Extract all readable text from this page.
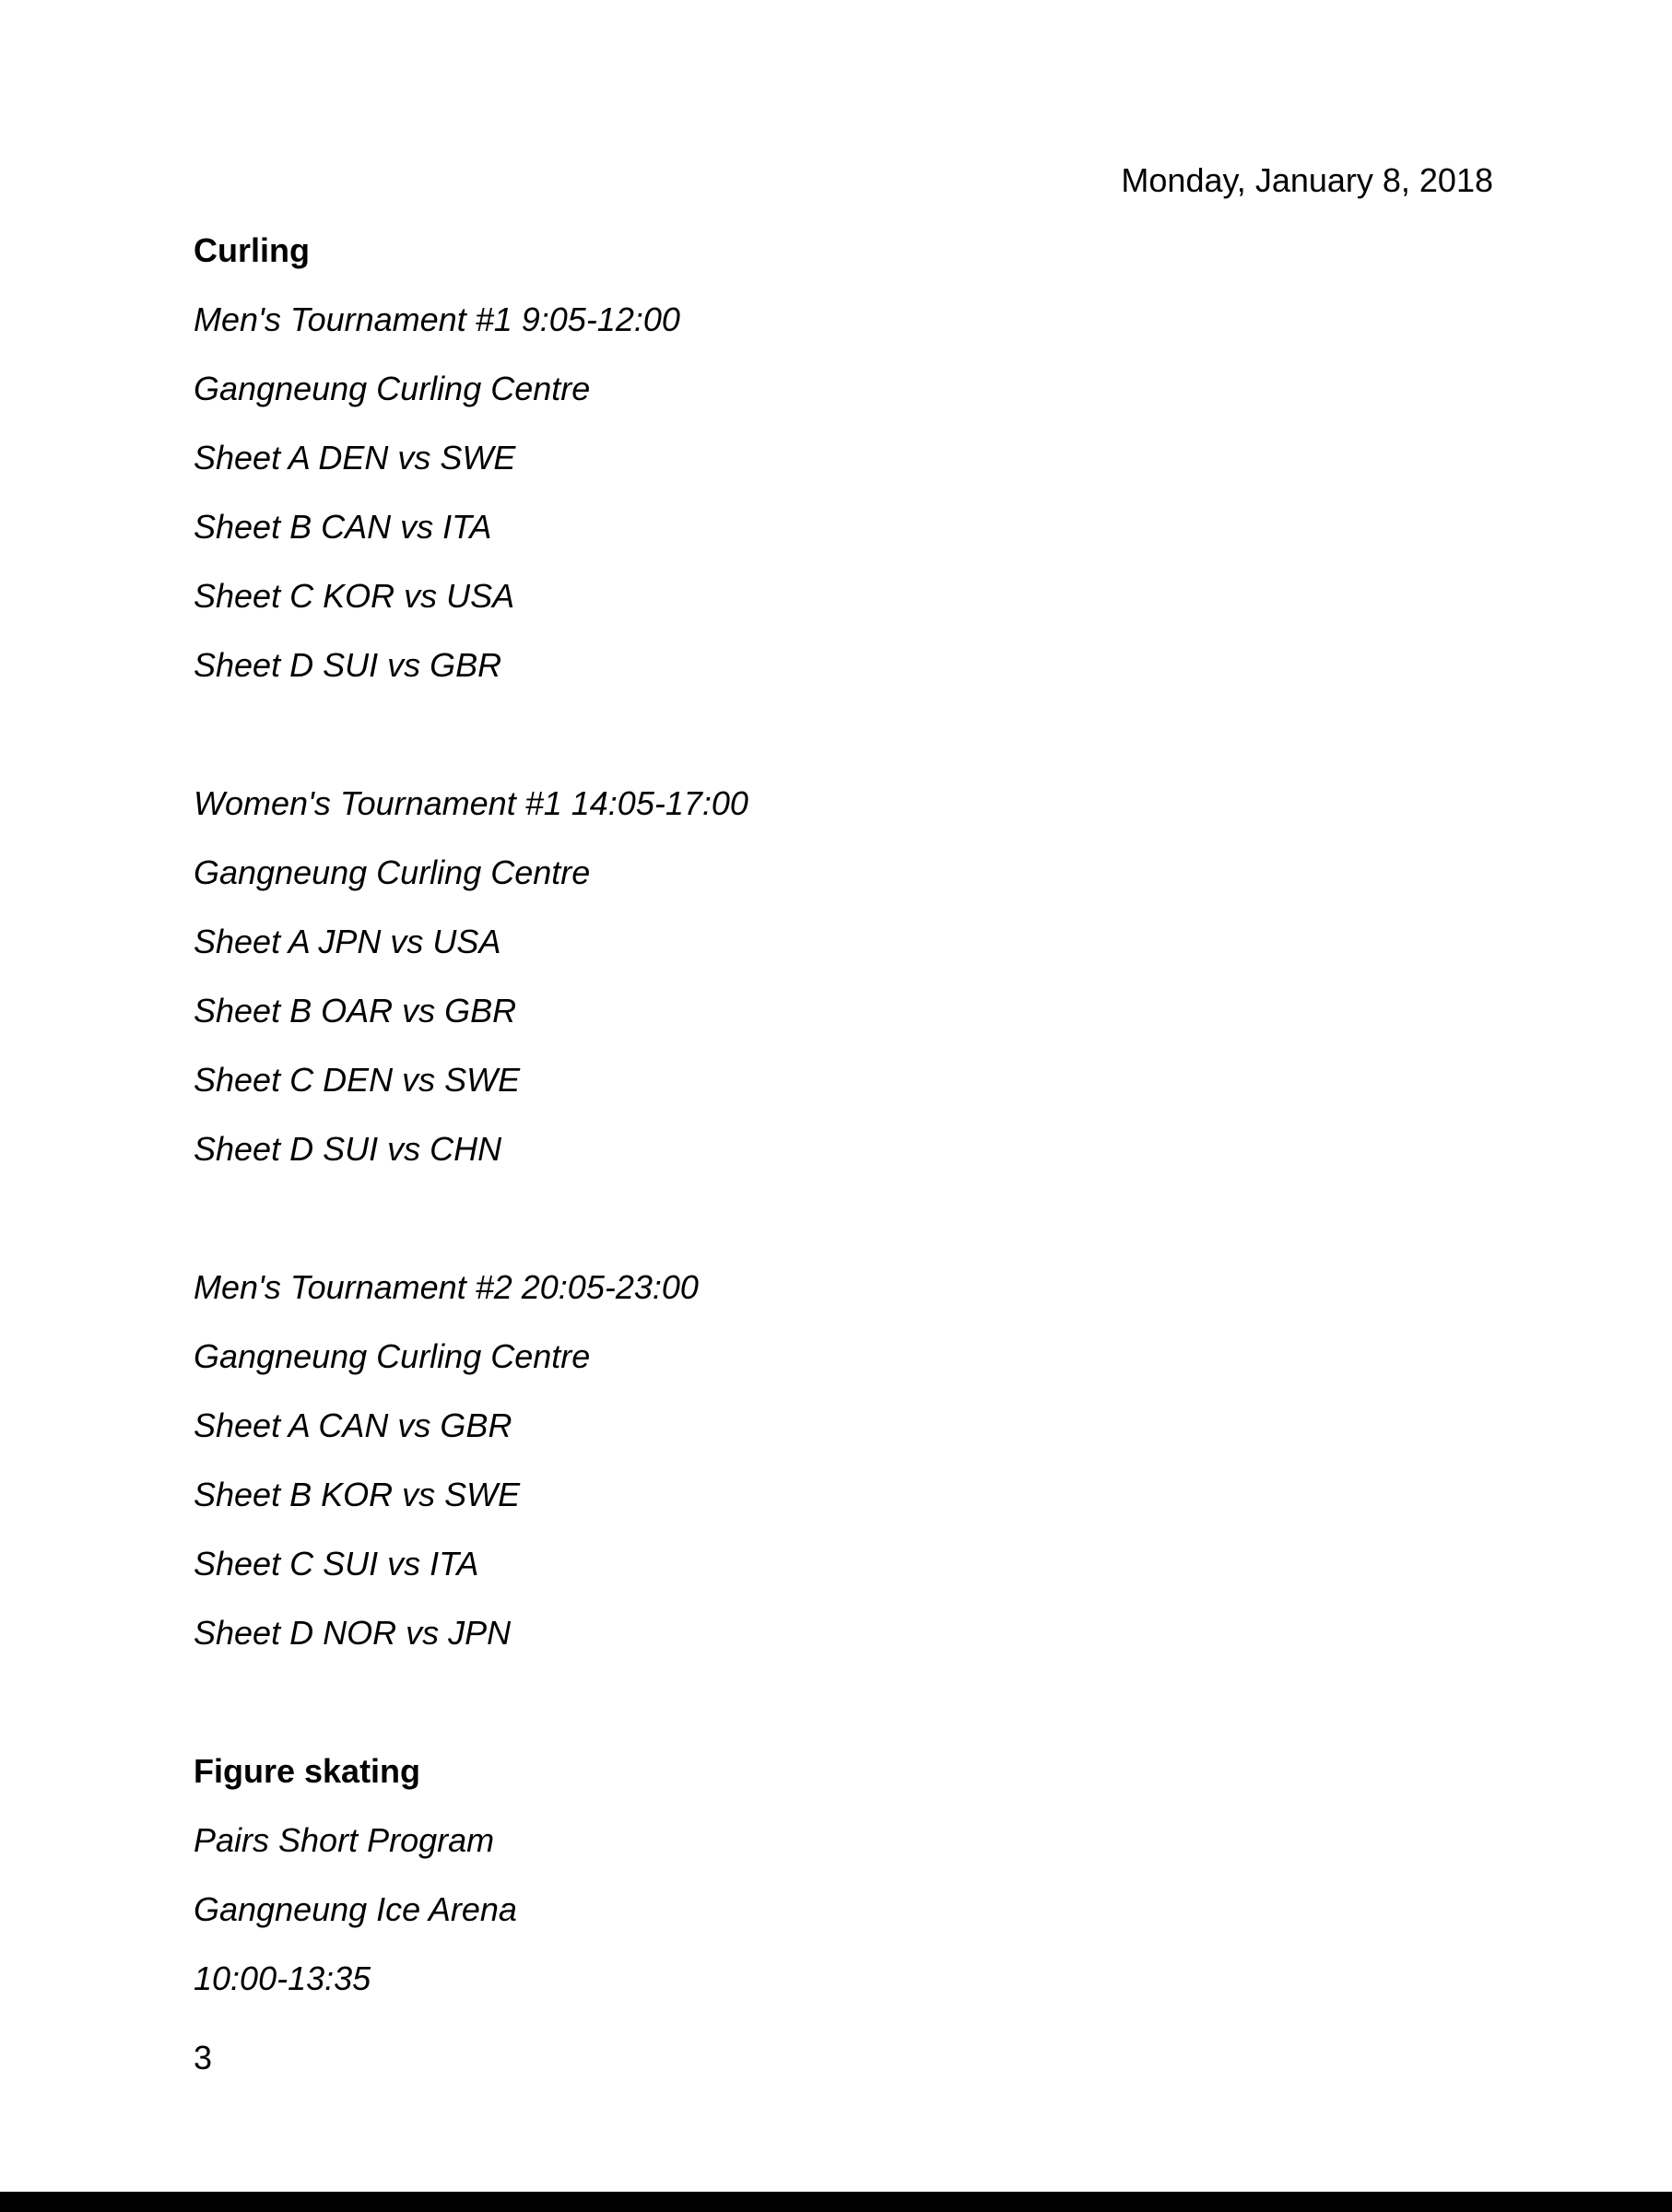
Monday, January 8, 2018
Curling
Men's Tournament #1 9:05-12:00
Gangneung Curling Centre
Sheet A DEN vs SWE
Sheet B CAN vs ITA
Sheet C KOR vs USA
Sheet D SUI vs GBR
Women's Tournament #1 14:05-17:00
Gangneung Curling Centre
Sheet A JPN vs USA
Sheet B OAR vs GBR
Sheet C DEN vs SWE
Sheet D SUI vs CHN
Men's Tournament #2 20:05-23:00
Gangneung Curling Centre
Sheet A CAN vs GBR
Sheet B KOR vs SWE
Sheet C SUI vs ITA
Sheet D NOR vs JPN
Figure skating
Pairs Short Program
Gangneung Ice Arena
10:00-13:35
3
